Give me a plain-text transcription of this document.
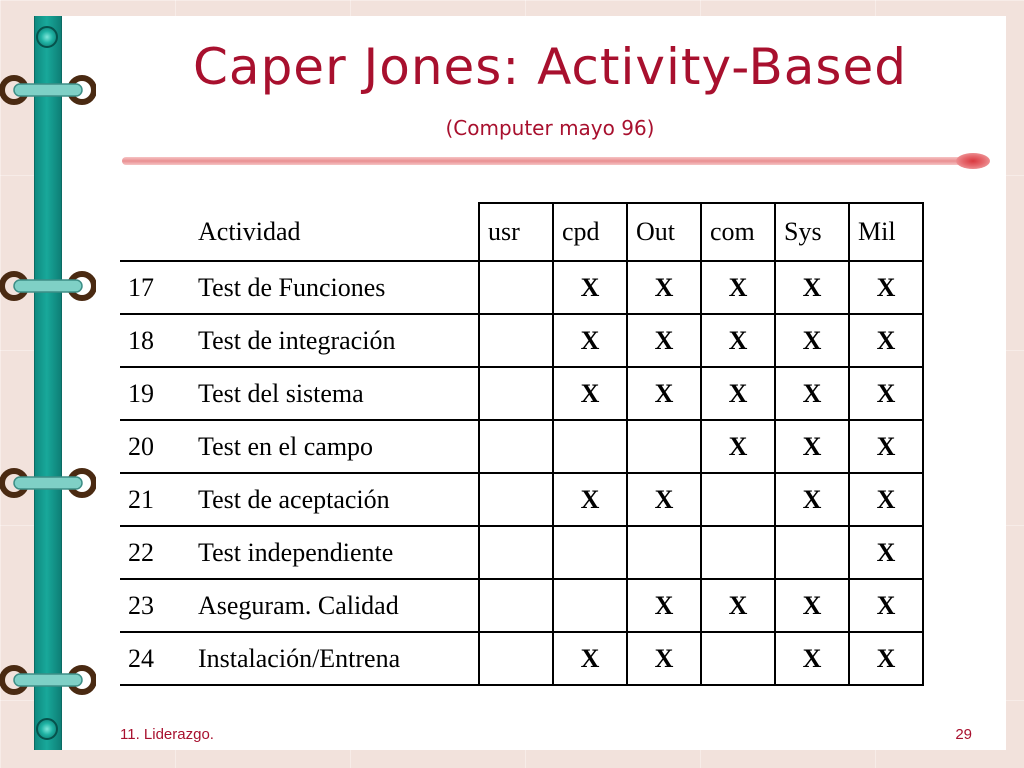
Caper Jones: Activity-Based
(Computer mayo 96)
	Actividad	usr	cpd	Out	com	Sys	Mil
17	Test de Funciones		X	X	X	X	X
18	Test de integración		X	X	X	X	X
19	Test del sistema		X	X	X	X	X
20	Test en el campo				X	X	X
21	Test de aceptación		X	X		X	X
22	Test independiente						X
23	Aseguram. Calidad			X	X	X	X
24	Instalación/Entrena		X	X		X	X
11. Liderazgo.	29
